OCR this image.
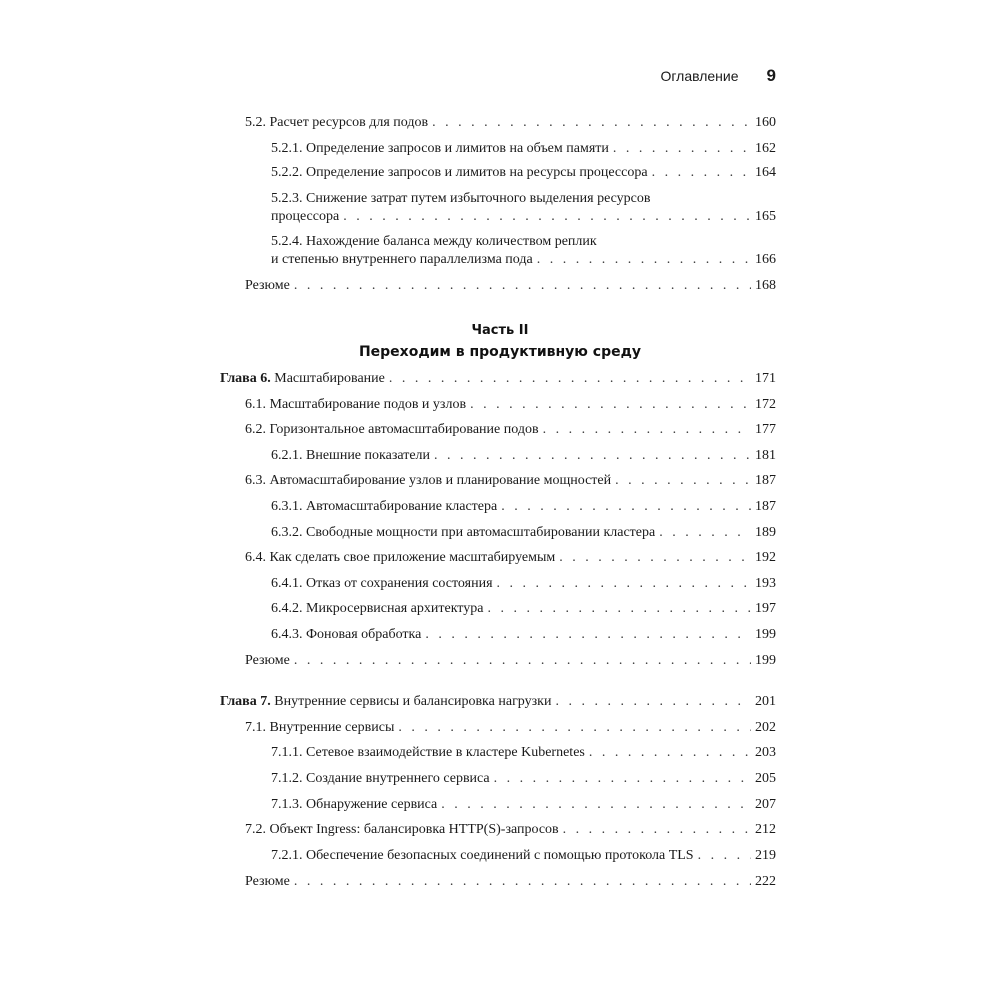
Оглавление 9
Часть II
Переходим в продуктивную среду
5.2. Расчет ресурсов для подов . . .	160
5.2.1. Определение запросов и лимитов на объем памяти . . .	162
5.2.2. Определение запросов и лимитов на ресурсы процессора . . .	164
5.2.3. Снижение затрат путем избыточного выделения ресурсов
процессора . . .	165
5.2.4. Нахождение баланса между количеством реплик
и степенью внутреннего параллелизма пода . . .	166
Резюме . . .	168
Глава 6. Масштабирование . . .	171
6.1. Масштабирование подов и узлов . . .	172
6.2. Горизонтальное автомасштабирование подов . . .	177
6.2.1. Внешние показатели . . .	181
6.3. Автомасштабирование узлов и планирование мощностей . . .	187
6.3.1. Автомасштабирование кластера . . .	187
6.3.2. Свободные мощности при автомасштабировании кластера . . .	189
6.4. Как сделать свое приложение масштабируемым . . .	192
6.4.1. Отказ от сохранения состояния . . .	193
6.4.2. Микросервисная архитектура . . .	197
6.4.3. Фоновая обработка . . .	199
Резюме . . .	199
Глава 7. Внутренние сервисы и балансировка нагрузки . . .	201
7.1. Внутренние сервисы . . .	202
7.1.1. Сетевое взаимодействие в кластере Kubernetes . . .	203
7.1.2. Создание внутреннего сервиса . . .	205
7.1.3. Обнаружение сервиса . . .	207
7.2. Объект Ingress: балансировка HTTP(S)-запросов . . .	212
7.2.1. Обеспечение безопасных соединений с помощью протокола TLS . . .	219
Резюме . . .	222
